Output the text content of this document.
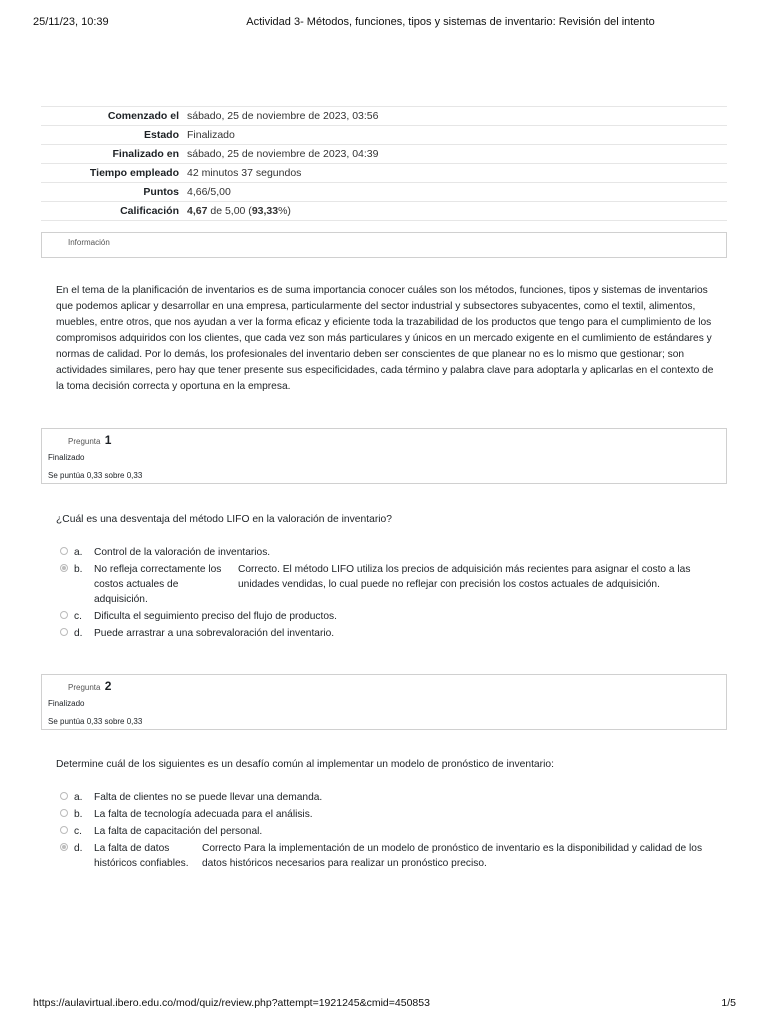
25/11/23, 10:39	Actividad 3- Métodos, funciones, tipos y sistemas de inventario: Revisión del intento
Comenzado el	sábado, 25 de noviembre de 2023, 03:56
Estado	Finalizado
Finalizado en	sábado, 25 de noviembre de 2023, 04:39
Tiempo empleado	42 minutos 37 segundos
Puntos	4,66/5,00
Calificación	4,67 de 5,00 (93,33%)
Información
En el tema de la planificación de inventarios es de suma importancia conocer cuáles son los métodos, funciones, tipos y sistemas de inventarios que podemos aplicar y desarrollar en una empresa, particularmente del sector industrial y subsectores subyacentes, como el textil, alimentos, muebles, entre otros, que nos ayudan a ver la forma eficaz y eficiente toda la trazabilidad de los productos que tengo para el cumplimiento de los compromisos adquiridos con los clientes, que cada vez son más particulares y únicos en un mercado exigente en el cumlimiento de estándares y normas de calidad. Por lo demás, los profesionales del inventario deben ser conscientes de que planear no es lo mismo que gestionar; son actividades similares, pero hay que tener presente sus especificidades, cada término y palabra clave para adoptarla y aplicarlas en el contexto de la toma decisión correcta y oportuna en la empresa.
Pregunta 1
Finalizado
Se puntúa 0,33 sobre 0,33
¿Cuál es una desventaja del método LIFO en la valoración de inventario?
a.	Control de la valoración de inventarios.
b.	No refleja correctamente los costos actuales de adquisición.
Correcto. El método LIFO utiliza los precios de adquisición más recientes para asignar el costo a las unidades vendidas, lo cual puede no reflejar con precisión los costos actuales de adquisición.
c.	Dificulta el seguimiento preciso del flujo de productos.
d.	Puede arrastrar a una sobrevaloración del inventario.
Pregunta 2
Finalizado
Se puntúa 0,33 sobre 0,33
Determine cuál de los siguientes es un desafío común al implementar un modelo de pronóstico de inventario:
a.	Falta de clientes no se puede llevar una demanda.
b.	La falta de tecnología adecuada para el análisis.
c.	La falta de capacitación del personal.
d.	La falta de datos históricos confiables.
Correcto Para la implementación de un modelo de pronóstico de inventario es la disponibilidad y calidad de los datos históricos necesarios para realizar un pronóstico preciso.
https://aulavirtual.ibero.edu.co/mod/quiz/review.php?attempt=1921245&cmid=450853	1/5
